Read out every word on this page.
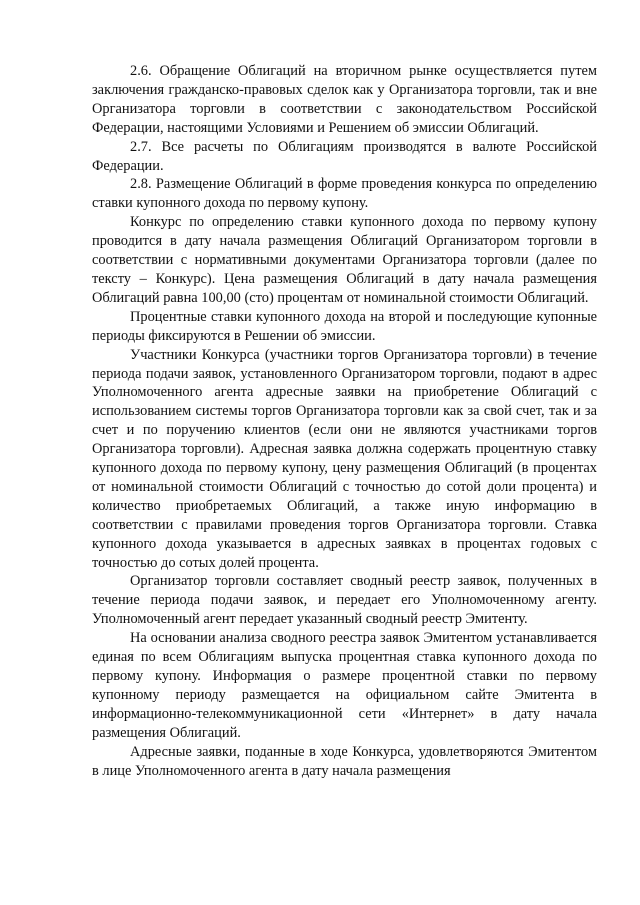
2.6. Обращение Облигаций на вторичном рынке осуществляется путем заключения гражданско-правовых сделок как у Организатора торговли, так и вне Организатора торговли в соответствии с законодательством Российской Федерации, настоящими Условиями и Решением об эмиссии Облигаций.

2.7. Все расчеты по Облигациям производятся в валюте Российской Федерации.

2.8. Размещение Облигаций в форме проведения конкурса по определению ставки купонного дохода по первому купону.

Конкурс по определению ставки купонного дохода по первому купону проводится в дату начала размещения Облигаций Организатором торговли в соответствии с нормативными документами Организатора торговли (далее по тексту – Конкурс). Цена размещения Облигаций в дату начала размещения Облигаций равна 100,00 (сто) процентам от номинальной стоимости Облигаций.

Процентные ставки купонного дохода на второй и последующие купонные периоды фиксируются в Решении об эмиссии.

Участники Конкурса (участники торгов Организатора торговли) в течение периода подачи заявок, установленного Организатором торговли, подают в адрес Уполномоченного агента адресные заявки на приобретение Облигаций с использованием системы торгов Организатора торговли как за свой счет, так и за счет и по поручению клиентов (если они не являются участниками торгов Организатора торговли). Адресная заявка должна содержать процентную ставку купонного дохода по первому купону, цену размещения Облигаций (в процентах от номинальной стоимости Облигаций с точностью до сотой доли процента) и количество приобретаемых Облигаций, а также иную информацию в соответствии с правилами проведения торгов Организатора торговли. Ставка купонного дохода указывается в адресных заявках в процентах годовых с точностью до сотых долей процента.

Организатор торговли составляет сводный реестр заявок, полученных в течение периода подачи заявок, и передает его Уполномоченному агенту. Уполномоченный агент передает указанный сводный реестр Эмитенту.

На основании анализа сводного реестра заявок Эмитентом устанавливается единая по всем Облигациям выпуска процентная ставка купонного дохода по первому купону. Информация о размере процентной ставки по первому купонному периоду размещается на официальном сайте Эмитента в информационно-телекоммуникационной сети «Интернет» в дату начала размещения Облигаций.

Адресные заявки, поданные в ходе Конкурса, удовлетворяются Эмитентом в лице Уполномоченного агента в дату начала размещения
